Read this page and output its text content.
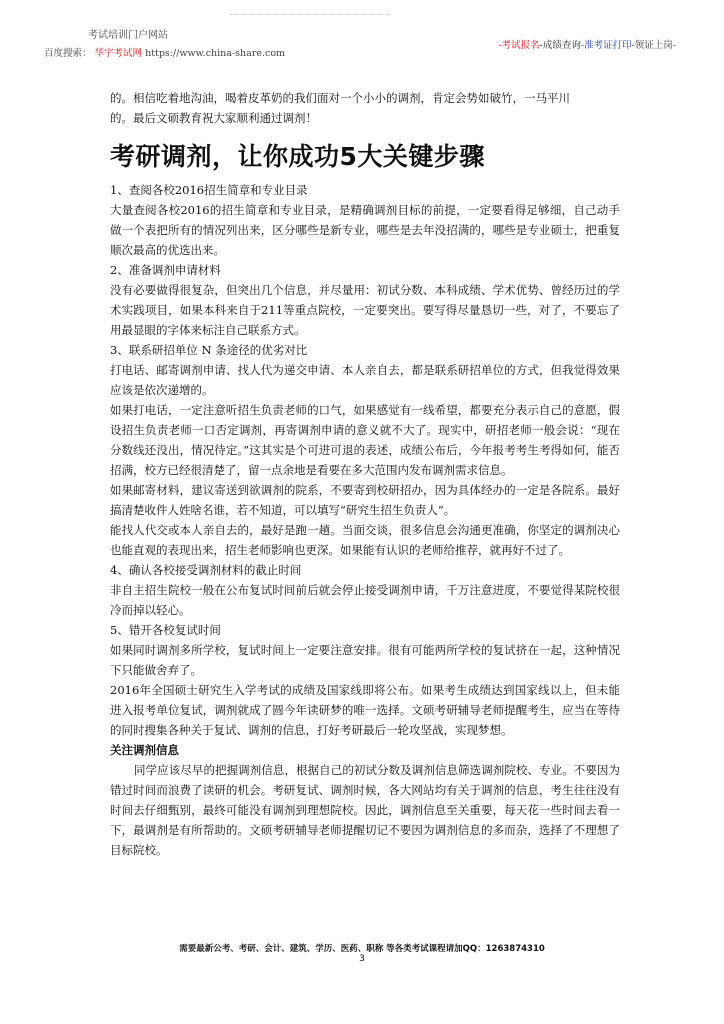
考试培训门户网站
百度搜索： 华宇考试网 https://www.china-share.com
-考试报名-成绩查询-准考证打印-领证上岗-

的。相信吃着地沟油，喝着皮革奶的我们面对一个小小的调剂，肯定会势如破竹，一马平川

的。最后文硕教育祝大家顺利通过调剂！

考研调剂，让你成功5大关键步骤

1、查阅各校2016招生简章和专业目录

大量查阅各校2016的招生简章和专业目录，是精确调剂目标的前提，一定要看得足够细，自己动手做一个表把所有的情况列出来，区分哪些是新专业，哪些是去年没招满的，哪些是专业硕士，把重复顺次最高的优选出来。

2、准备调剂申请材料

没有必要做得很复杂，但突出几个信息，并尽量用：初试分数、本科成绩、学术优势、曾经历过的学术实践项目，如果本科来自于211等重点院校，一定要突出。要写得尽量恳切一些，对了，不要忘了用最显眼的字体来标注自己联系方式。

3、联系研招单位 N 条途径的优劣对比

打电话、邮寄调剂申请、找人代为递交申请、本人亲自去，都是联系研招单位的方式，但我觉得效果应该是依次递增的。

如果打电话，一定注意听招生负责老师的口气，如果感觉有一线希望，都要充分表示自己的意愿，假设招生负责老师一口否定调剂，再寄调剂申请的意义就不大了。现实中，研招老师一般会说：“现在分数线还没出，情况待定。”这其实是个可进可退的表述，成绩公布后，今年报考考生考得如何，能否招满，校方已经很清楚了，留一点余地是看要在多大范围内发布调剂需求信息。

如果邮寄材料，建议寄送到欲调剂的院系，不要寄到校研招办，因为具体经办的一定是各院系。最好搞清楚收件人姓啥名谁，若不知道，可以填写“研究生招生负责人”。

能找人代交或本人亲自去的，最好是跑一趟。当面交谈，很多信息会沟通更准确，你坚定的调剂决心也能直观的表现出来，招生老师影响也更深。如果能有认识的老师给推荐，就再好不过了。

4、确认各校接受调剂材料的截止时间

非自主招生院校一般在公布复试时间前后就会停止接受调剂申请，千万注意进度，不要觉得某院校很冷而掉以轻心。

5、错开各校复试时间

如果同时调剂多所学校，复试时间上一定要注意安排。很有可能两所学校的复试挤在一起，这种情况下只能做舍弃了。

2016年全国硕士研究生入学考试的成绩及国家线即将公布。如果考生成绩达到国家线以上，但未能进入报考单位复试，调剂就成了圆今年读研梦的唯一选择。文硕考研辅导老师提醒考生，应当在等待的同时搜集各种关于复试、调剂的信息，打好考研最后一轮攻坚战，实现梦想。

关注调剂信息

同学应该尽早的把握调剂信息，根据自己的初试分数及调剂信息筛选调剂院校、专业。不要因为错过时间而浪费了读研的机会。考研复试、调剂时候，各大网站均有关于调剂的信息，考生往往没有时间去仔细甄别，最终可能没有调剂到理想院校。因此，调剂信息至关重要，每天花一些时间去看一下，最调剂是有所帮助的。文硕考研辅导老师提醒切记不要因为调剂信息的多而杂，选择了不理想了目标院校。

需要最新公考、考研、会计、建筑、学历、医药、职称 等各类考试课程请加QQ：1263874310
3
